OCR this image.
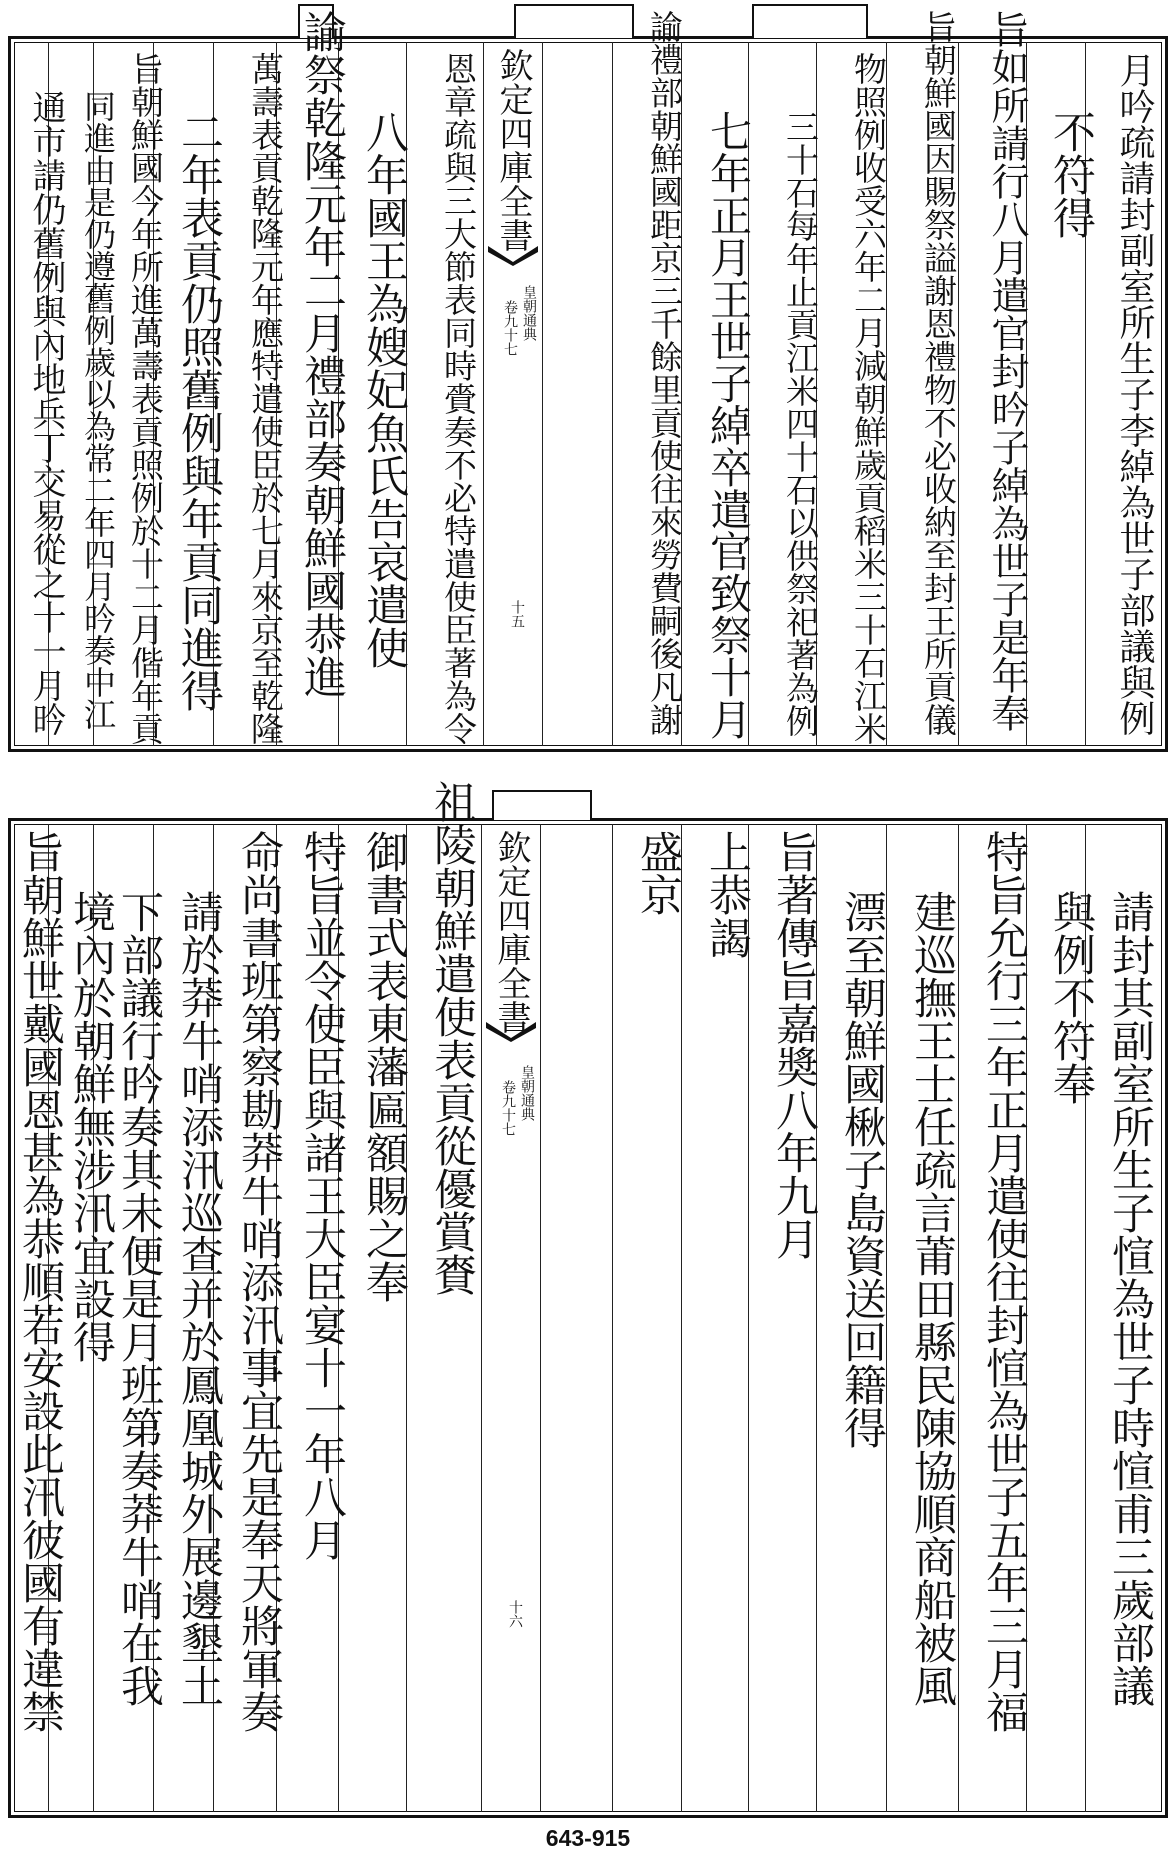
欽定四庫全書
皇朝通典
卷九十七
十五	月吟疏請封副室所生子李綽為世子部議與例
不符得
旨如所請行八月遣官封昑子綽為世子是年奉
旨朝鮮國因賜祭謚謝恩禮物不必收納至封王所貢儀
物照例收受六年二月減朝鮮歲貢稻米三十石江米
三十石每年止貢江米四十石以供祭祀著為例
七年正月王世子綽卒遣官致祭十月
諭禮部朝鮮國距京三千餘里貢使往來勞費嗣後凡謝
恩章疏與三大節表同時賫奏不必特遣使臣著為令
八年國王為嫂妃魚氏告哀遣使
諭祭乾隆元年二月禮部奏朝鮮國恭進
萬壽表貢乾隆元年應特遣使臣於七月來京至乾隆
二年表貢仍照舊例與年貢同進得
旨朝鮮國今年所進萬壽表貢照例於十二月偕年貢
同進由是仍遵舊例歲以為常二年四月昑奏中江
通市請仍舊例與內地兵丁交易從之十一月昑
欽定四庫全書
皇朝通典
卷九十七
十六	請封其副室所生子愃為世子時愃甫三歲部議
與例不符奉
特旨允行三年正月遣使往封愃為世子五年三月福
建巡撫王士任疏言莆田縣民陳協順商船被風
漂至朝鮮國楸子島資送回籍得
旨著傳旨嘉奬八年九月
上恭謁
盛京
祖陵朝鮮遣使表貢從優賞賚
御書式表東藩匾額賜之奉
特旨並令使臣與諸王大臣宴十一年八月
命尚書班第察勘莽牛哨添汛事宜先是奉天將軍奏
請於莽牛哨添汛巡查并於鳳凰城外展邊墾土
下部議行昑奏其未便是月班第奏莽牛哨在我
境內於朝鮮無涉汛宜設得
旨朝鮮世戴國恩甚為恭順若安設此汛彼國有違禁
643-915
